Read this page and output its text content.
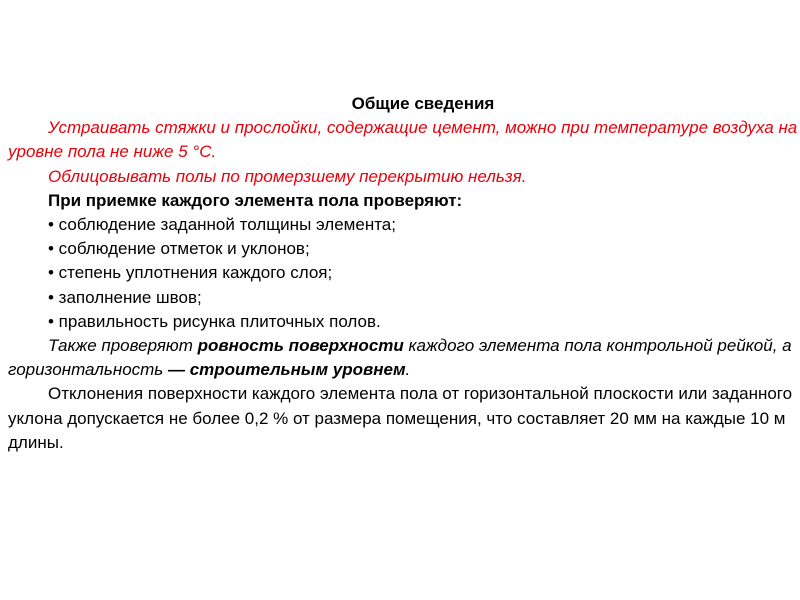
Общие сведения

Устраивать стяжки и прослойки, содержащие цемент, можно при температуре воздуха на уровне пола не ниже 5 °С.

Облицовывать полы по промерзшему перекрытию нельзя.

При приемке каждого элемента пола проверяют:

• соблюдение заданной толщины элемента;

• соблюдение отметок и уклонов;

• степень уплотнения каждого слоя;

• заполнение швов;

• правильность рисунка плиточных полов.

Также проверяют ровность поверхности каждого элемента пола контрольной рейкой, а горизонтальность — строительным уровнем.

Отклонения поверхности каждого элемента пола от горизонтальной плоскости или заданного уклона допускается не более 0,2 % от размера помещения, что составляет 20 мм на каждые 10 м длины.
